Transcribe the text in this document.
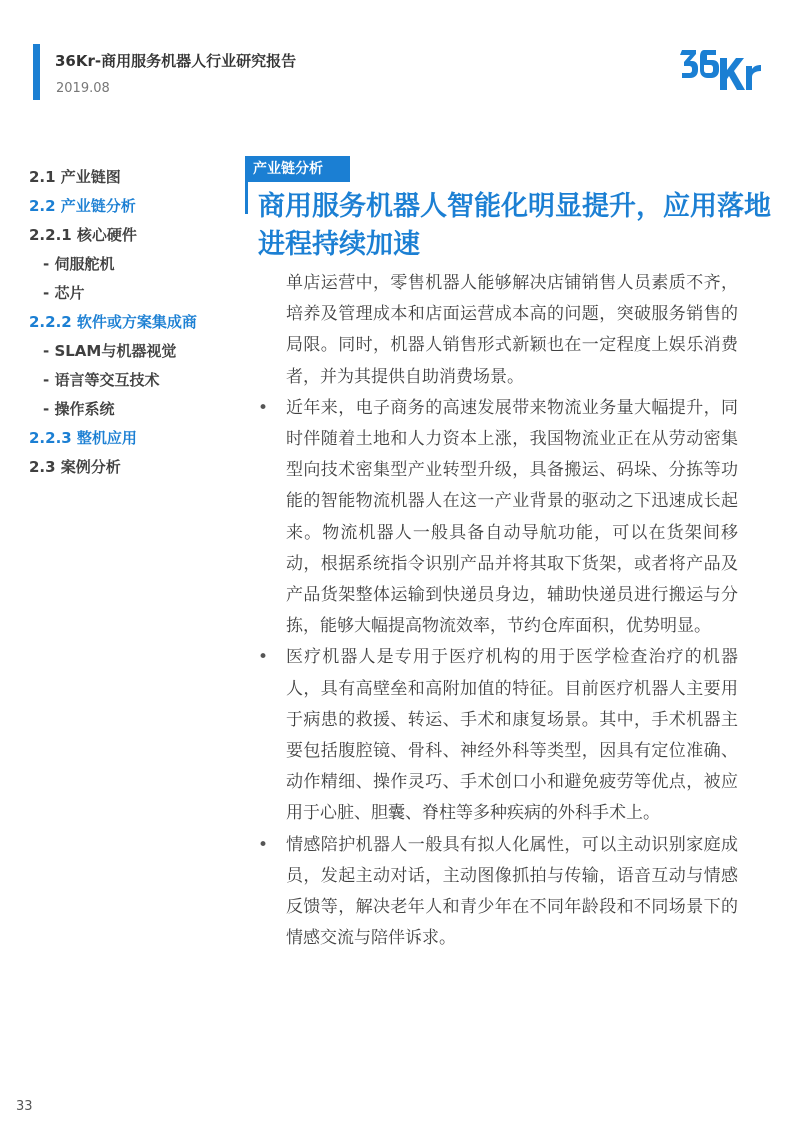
36Kr-商用服务机器人行业研究报告
2019.08
2.1 产业链图
2.2 产业链分析
2.2.1 核心硬件
- 伺服舵机
- 芯片
2.2.2 软件或方案集成商
- SLAM与机器视觉
- 语言等交互技术
- 操作系统
2.2.3 整机应用
2.3 案例分析
产业链分析
商用服务机器人智能化明显提升，应用落地进程持续加速
单店运营中，零售机器人能够解决店铺销售人员素质不齐，培养及管理成本和店面运营成本高的问题，突破服务销售的局限。同时，机器人销售形式新颖也在一定程度上娱乐消费者，并为其提供自助消费场景。
•	近年来，电子商务的高速发展带来物流业务量大幅提升，同时伴随着土地和人力资本上涨，我国物流业正在从劳动密集型向技术密集型产业转型升级，具备搬运、码垛、分拣等功能的智能物流机器人在这一产业背景的驱动之下迅速成长起来。物流机器人一般具备自动导航功能，可以在货架间移动，根据系统指令识别产品并将其取下货架，或者将产品及产品货架整体运输到快递员身边，辅助快递员进行搬运与分拣，能够大幅提高物流效率，节约仓库面积，优势明显。
•	医疗机器人是专用于医疗机构的用于医学检查治疗的机器人，具有高壁垒和高附加值的特征。目前医疗机器人主要用于病患的救援、转运、手术和康复场景。其中，手术机器主要包括腹腔镜、骨科、神经外科等类型，因具有定位准确、动作精细、操作灵巧、手术创口小和避免疲劳等优点，被应用于心脏、胆囊、脊柱等多种疾病的外科手术上。
•	情感陪护机器人一般具有拟人化属性，可以主动识别家庭成员，发起主动对话，主动图像抓拍与传输，语音互动与情感反馈等，解决老年人和青少年在不同年龄段和不同场景下的情感交流与陪伴诉求。
33
